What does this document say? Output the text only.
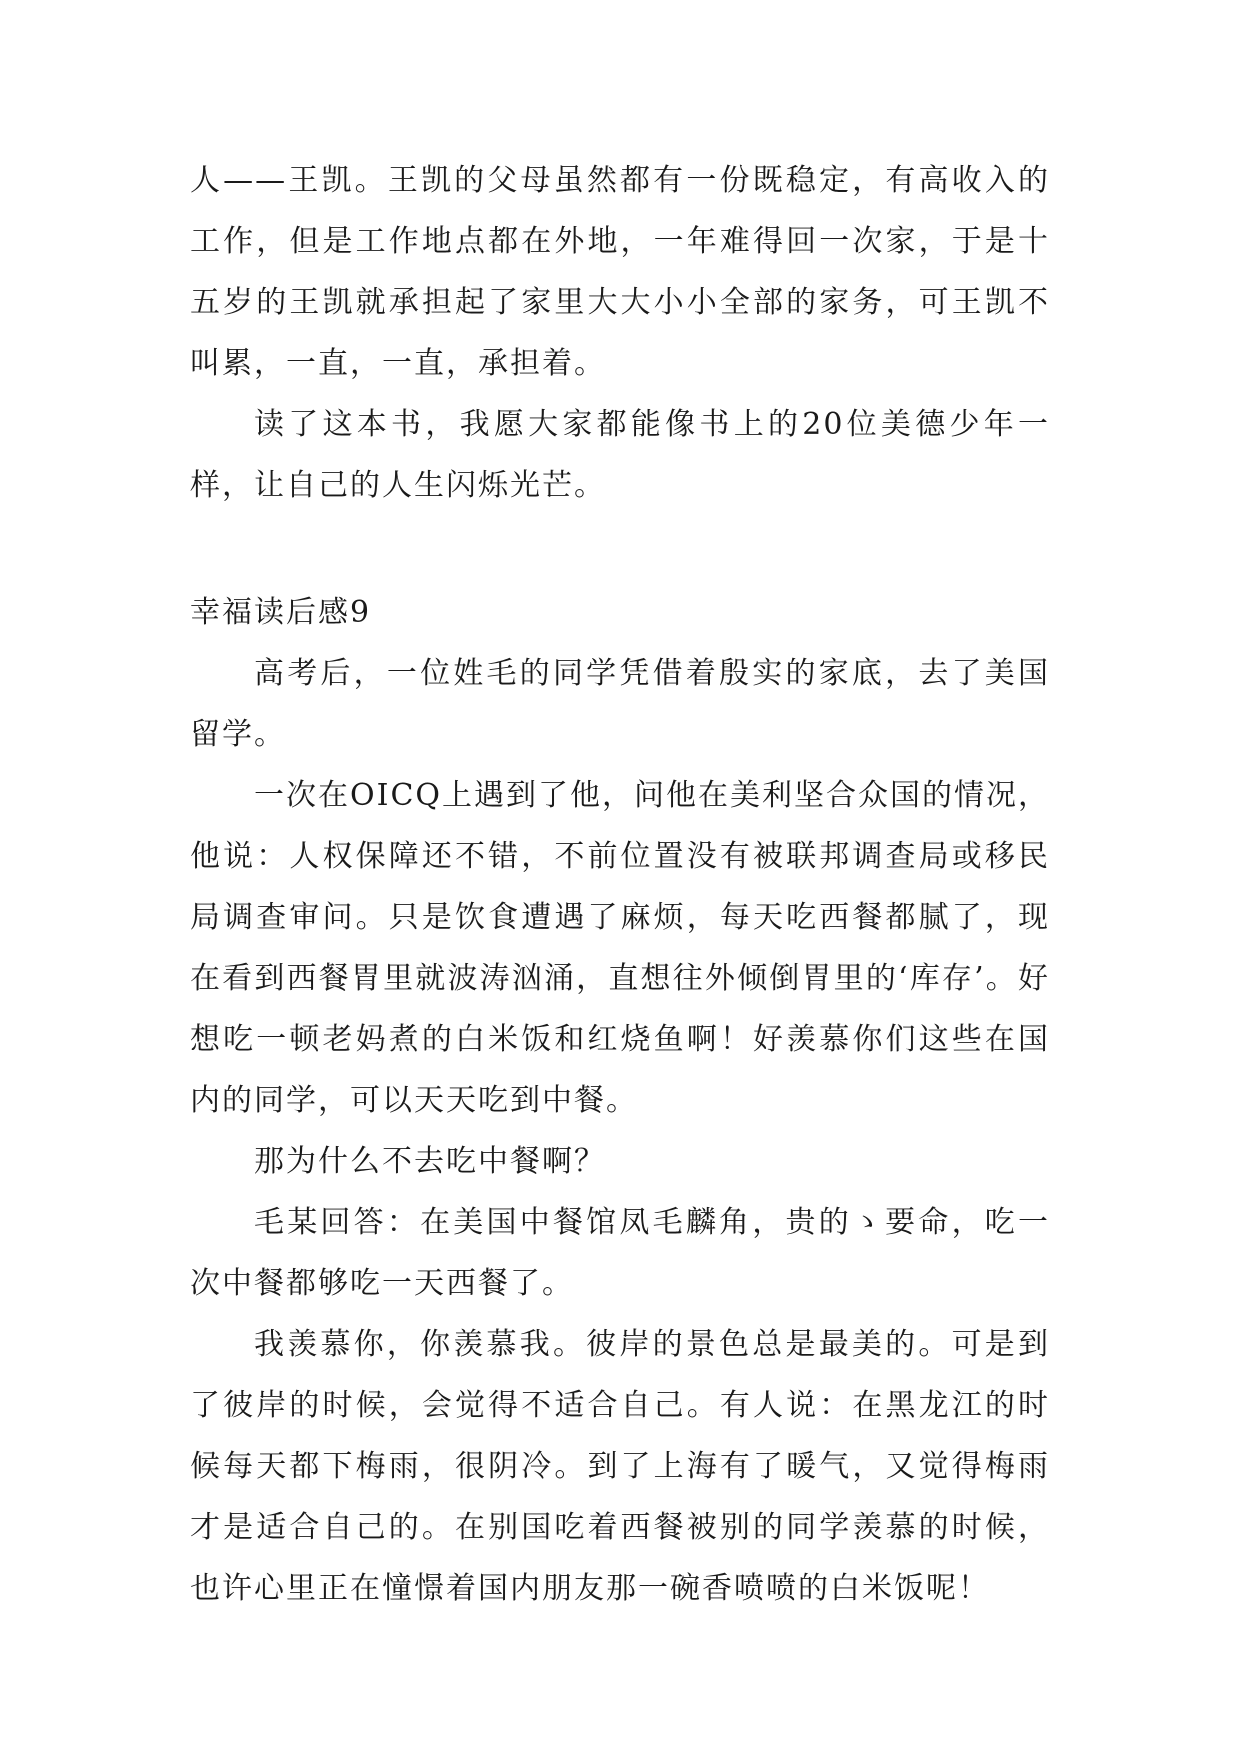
人——王凯。王凯的父母虽然都有一份既稳定，有高收入的工作，但是工作地点都在外地，一年难得回一次家，于是十五岁的王凯就承担起了家里大大小小全部的家务，可王凯不叫累，一直，一直，承担着。

读了这本书，我愿大家都能像书上的20位美德少年一样，让自己的人生闪烁光芒。

幸福读后感9

高考后，一位姓毛的同学凭借着殷实的家底，去了美国留学。

一次在OICQ上遇到了他，问他在美利坚合众国的情况，他说：人权保障还不错，不前位置没有被联邦调查局或移民局调查审问。只是饮食遭遇了麻烦，每天吃西餐都腻了，现在看到西餐胃里就波涛汹涌，直想往外倾倒胃里的‘库存’。好想吃一顿老妈煮的白米饭和红烧鱼啊！好羡慕你们这些在国内的同学，可以天天吃到中餐。

那为什么不去吃中餐啊？

毛某回答：在美国中餐馆凤毛麟角，贵的ゝ要命，吃一次中餐都够吃一天西餐了。

我羡慕你，你羡慕我。彼岸的景色总是最美的。可是到了彼岸的时候，会觉得不适合自己。有人说：在黑龙江的时候每天都下梅雨，很阴冷。到了上海有了暖气，又觉得梅雨才是适合自己的。在别国吃着西餐被别的同学羡慕的时候，也许心里正在憧憬着国内朋友那一碗香喷喷的白米饭呢！
